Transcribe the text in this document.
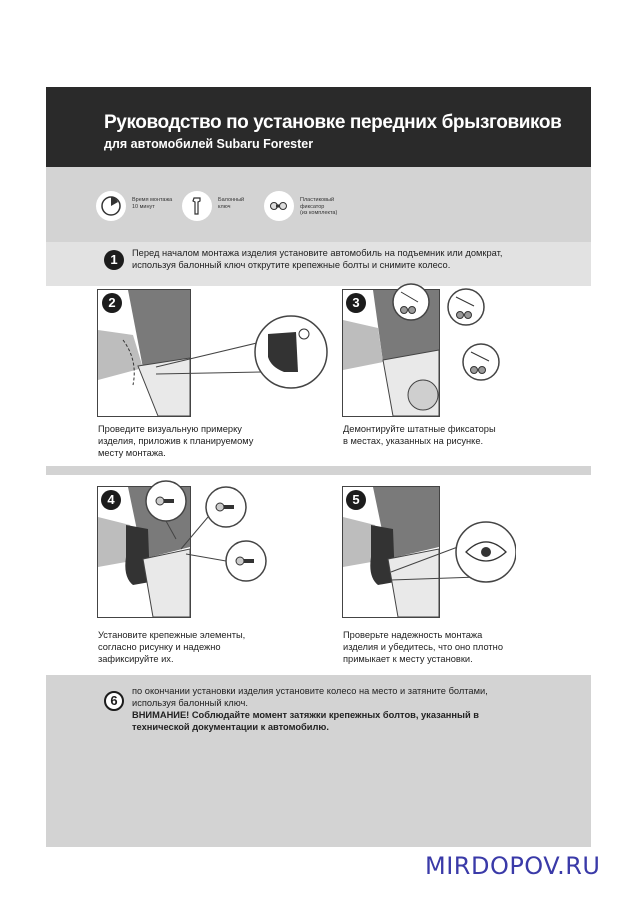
Руководство по установке передних брызговиков
для автомобилей Subaru Forester
Время монтажа
10 минут
Балонный
ключ
Пластиковый
фиксатор
(из комплекта)
1	Перед началом монтажа изделия установите автомобиль на подъемник или домкрат,
используя балонный ключ открутите крепежные болты и снимите колесо.
2
Проведите визуальную примерку
изделия, приложив к планируемому
месту монтажа.
3
Демонтируйте штатные фиксаторы
в местах, указанных на рисунке.
4
Установите крепежные элементы,
согласно рисунку и надежно
зафиксируйте их.
5
Проверьте надежность монтажа
изделия и убедитесь, что оно плотно
примыкает к месту установки.
6
по окончании установки изделия установите колесо на место и затяните болтами,
используя балонный ключ.
ВНИМАНИЕ! Соблюдайте момент затяжки крепежных болтов, указанный в
технической документации к автомобилю.
MIRDOPOV.RU
